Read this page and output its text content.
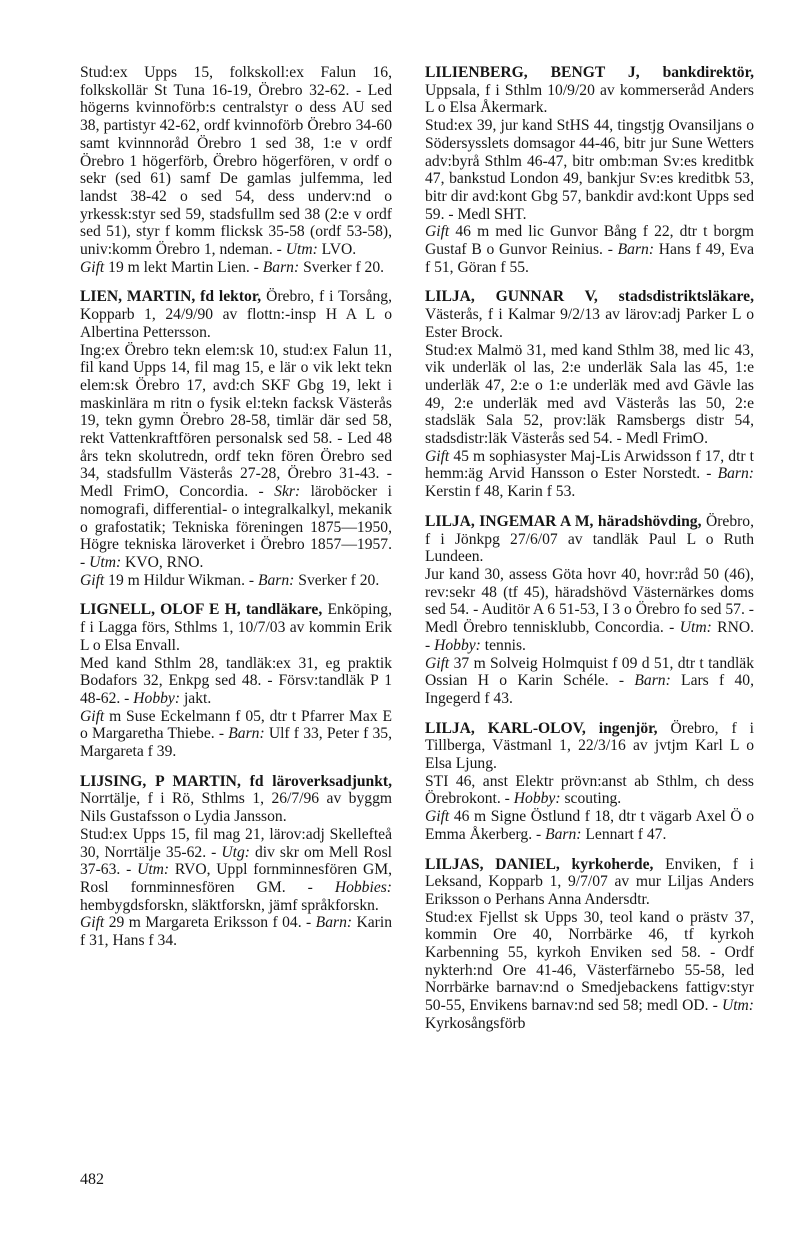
Stud:ex Upps 15, folkskoll:ex Falun 16, folkskollär St Tuna 16-19, Örebro 32-62. - Led högerns kvinnoförb:s centralstyr o dess AU sed 38, partistyr 42-62, ordf kvinnoförb Örebro 34-60 samt kvinnnoråd Örebro 1 sed 38, 1:e v ordf Örebro 1 högerförb, Örebro högerfören, v ordf o sekr (sed 61) samf De gamlas julfemma, led landst 38-42 o sed 54, dess underv:nd o yrkessk:styr sed 59, stadsfullm sed 38 (2:e v ordf sed 51), styr f komm flicksk 35-58 (ordf 53-58), univ:komm Örebro 1, ndeman. - Utm: LVO.

Gift 19 m lekt Martin Lien. - Barn: Sverker f 20.

LIEN, MARTIN, fd lektor, Örebro, f i Torsång, Kopparb 1, 24/9/90 av flottn:-insp H A L o Albertina Pettersson.

Ing:ex Örebro tekn elem:sk 10, stud:ex Falun 11, fil kand Upps 14, fil mag 15, e lär o vik lekt tekn elem:sk Örebro 17, avd:ch SKF Gbg 19, lekt i maskinlära m ritn o fysik el:tekn facksk Västerås 19, tekn gymn Örebro 28-58, timlär där sed 58, rekt Vattenkraftfören personalsk sed 58. - Led 48 års tekn skolutredn, ordf tekn fören Örebro sed 34, stadsfullm Västerås 27-28, Örebro 31-43. - Medl FrimO, Concordia. - Skr: läroböcker i nomografi, differential- o integralkalkyl, mekanik o grafostatik; Tekniska föreningen 1875—1950, Högre tekniska läroverket i Örebro 1857—1957. - Utm: KVO, RNO.

Gift 19 m Hildur Wikman. - Barn: Sverker f 20.

LIGNELL, OLOF E H, tandläkare, Enköping, f i Lagga förs, Sthlms 1, 10/7/03 av kommin Erik L o Elsa Envall.

Med kand Sthlm 28, tandläk:ex 31, eg praktik Bodafors 32, Enkpg sed 48. - Försv:tandläk P 1 48-62. - Hobby: jakt.

Gift m Suse Eckelmann f 05, dtr t Pfarrer Max E o Margaretha Thiebe. - Barn: Ulf f 33, Peter f 35, Margareta f 39.

LIJSING, P MARTIN, fd läroverksadjunkt, Norrtälje, f i Rö, Sthlms 1, 26/7/96 av byggm Nils Gustafsson o Lydia Jansson.

Stud:ex Upps 15, fil mag 21, lärov:adj Skellefteå 30, Norrtälje 35-62. - Utg: div skr om Mell Rosl 37-63. - Utm: RVO, Uppl fornminnesfören GM, Rosl fornminnesfören GM. - Hobbies: hembygdsforskn, släktforskn, jämf språkforskn.

Gift 29 m Margareta Eriksson f 04. - Barn: Karin f 31, Hans f 34.

LILIENBERG, BENGT J, bankdirektör, Uppsala, f i Sthlm 10/9/20 av kommerseråd Anders L o Elsa Åkermark.

Stud:ex 39, jur kand StHS 44, tingstjg Ovansiljans o Södersysslets domsagor 44-46, bitr jur Sune Wetters adv:byrå Sthlm 46-47, bitr omb:man Sv:es kreditbk 47, bankstud London 49, bankjur Sv:es kreditbk 53, bitr dir avd:kont Gbg 57, bankdir avd:kont Upps sed 59. - Medl SHT.

Gift 46 m med lic Gunvor Bång f 22, dtr t borgm Gustaf B o Gunvor Reinius. - Barn: Hans f 49, Eva f 51, Göran f 55.

LILJA, GUNNAR V, stadsdistriktsläkare, Västerås, f i Kalmar 9/2/13 av lärov:adj Parker L o Ester Brock.

Stud:ex Malmö 31, med kand Sthlm 38, med lic 43, vik underläk ol las, 2:e underläk Sala las 45, 1:e underläk 47, 2:e o 1:e underläk med avd Gävle las 49, 2:e underläk med avd Västerås las 50, 2:e stadsläk Sala 52, prov:läk Ramsbergs distr 54, stadsdistr:läk Västerås sed 54. - Medl FrimO.

Gift 45 m sophiasyster Maj-Lis Arwidsson f 17, dtr t hemm:äg Arvid Hansson o Ester Norstedt. - Barn: Kerstin f 48, Karin f 53.

LILJA, INGEMAR A M, häradshövding, Örebro, f i Jönkpg 27/6/07 av tandläk Paul L o Ruth Lundeen.

Jur kand 30, assess Göta hovr 40, hovr:råd 50 (46), rev:sekr 48 (tf 45), häradshövd Västernärkes doms sed 54. - Auditör A 6 51-53, I 3 o Örebro fo sed 57. - Medl Örebro tennisklubb, Concordia. - Utm: RNO. - Hobby: tennis.

Gift 37 m Solveig Holmquist f 09 d 51, dtr t tandläk Ossian H o Karin Schéle. - Barn: Lars f 40, Ingegerd f 43.

LILJA, KARL-OLOV, ingenjör, Örebro, f i Tillberga, Västmanl 1, 22/3/16 av jvtjm Karl L o Elsa Ljung.

STI 46, anst Elektr prövn:anst ab Sthlm, ch dess Örebrokont. - Hobby: scouting.

Gift 46 m Signe Östlund f 18, dtr t vägarb Axel Ö o Emma Åkerberg. - Barn: Lennart f 47.

LILJAS, DANIEL, kyrkoherde, Enviken, f i Leksand, Kopparb 1, 9/7/07 av mur Liljas Anders Eriksson o Perhans Anna Andersdtr.

Stud:ex Fjellst sk Upps 30, teol kand o prästv 37, kommin Ore 40, Norrbärke 46, tf kyrkoh Karbenning 55, kyrkoh Enviken sed 58. - Ordf nykterh:nd Ore 41-46, Västerfärnebo 55-58, led Norrbärke barnav:nd o Smedjebackens fattigv:styr 50-55, Envikens barnav:nd sed 58; medl OD. - Utm: Kyrkosångsförb

482
